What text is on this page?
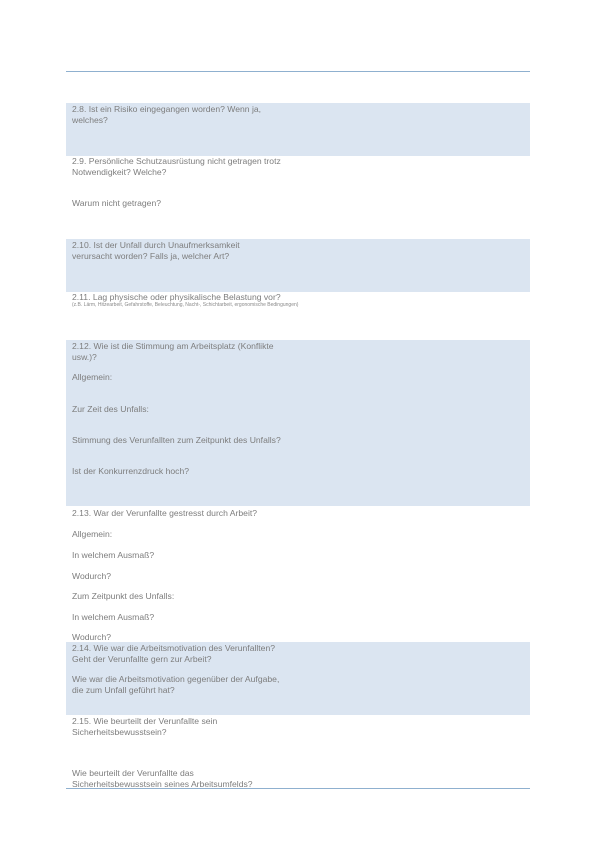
2.8. Ist ein Risiko eingegangen worden? Wenn ja,
welches?
2.9. Persönliche Schutzausrüstung nicht getragen trotz
Notwendigkeit? Welche?
Warum nicht getragen?
2.10. Ist der Unfall durch Unaufmerksamkeit
verursacht worden? Falls ja, welcher Art?
2.11. Lag physische oder physikalische Belastung vor?
(z.B. Lärm, Hitzearbeit, Gefahrstoffe, Beleuchtung, Nacht-, Schichtarbeit, ergonomische Bedingungen)
2.12. Wie ist die Stimmung am Arbeitsplatz (Konflikte
usw.)?
Allgemein:
Zur Zeit des Unfalls:
Stimmung des Verunfallten zum Zeitpunkt des Unfalls?
Ist der Konkurrenzdruck hoch?
2.13. War der Verunfallte gestresst durch Arbeit?
Allgemein:
In welchem Ausmaß?
Wodurch?
Zum Zeitpunkt des Unfalls:
In welchem Ausmaß?
Wodurch?
2.14. Wie war die Arbeitsmotivation des Verunfallten?
Geht der Verunfallte gern zur Arbeit?
Wie war die Arbeitsmotivation gegenüber der Aufgabe,
die zum Unfall geführt hat?
2.15. Wie beurteilt der Verunfallte sein
Sicherheitsbewusstsein?
Wie beurteilt der Verunfallte das
Sicherheitsbewusstsein seines Arbeitsumfelds?
